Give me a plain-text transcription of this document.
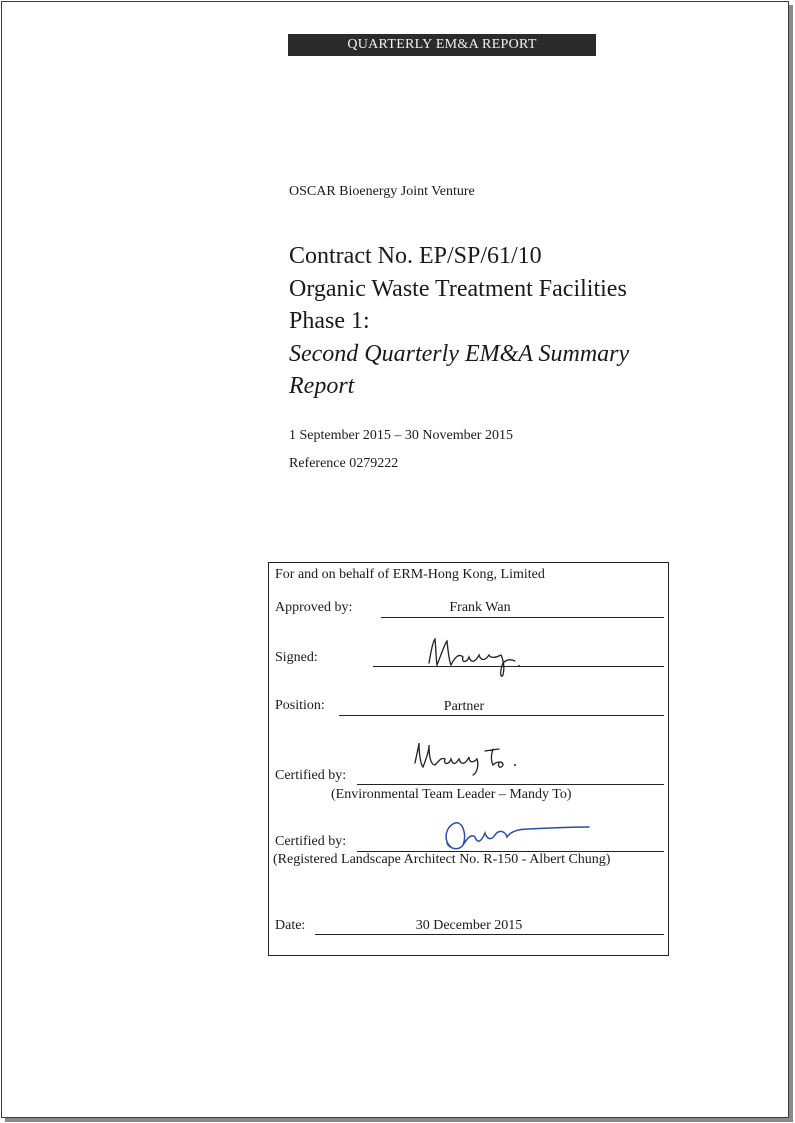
QUARTERLY EM&A REPORT
OSCAR Bioenergy Joint Venture
Contract No. EP/SP/61/10
Organic Waste Treatment Facilities
Phase 1:
Second Quarterly EM&A Summary
Report
1 September 2015 – 30 November 2015
Reference 0279222
For and on behalf of ERM-Hong Kong, Limited
Approved by:	Frank Wan
Signed:
Position:	Partner
Certified by:
(Environmental Team Leader – Mandy To)
Certified by:
(Registered Landscape Architect No. R-150 - Albert Chung)
Date:	30 December 2015
